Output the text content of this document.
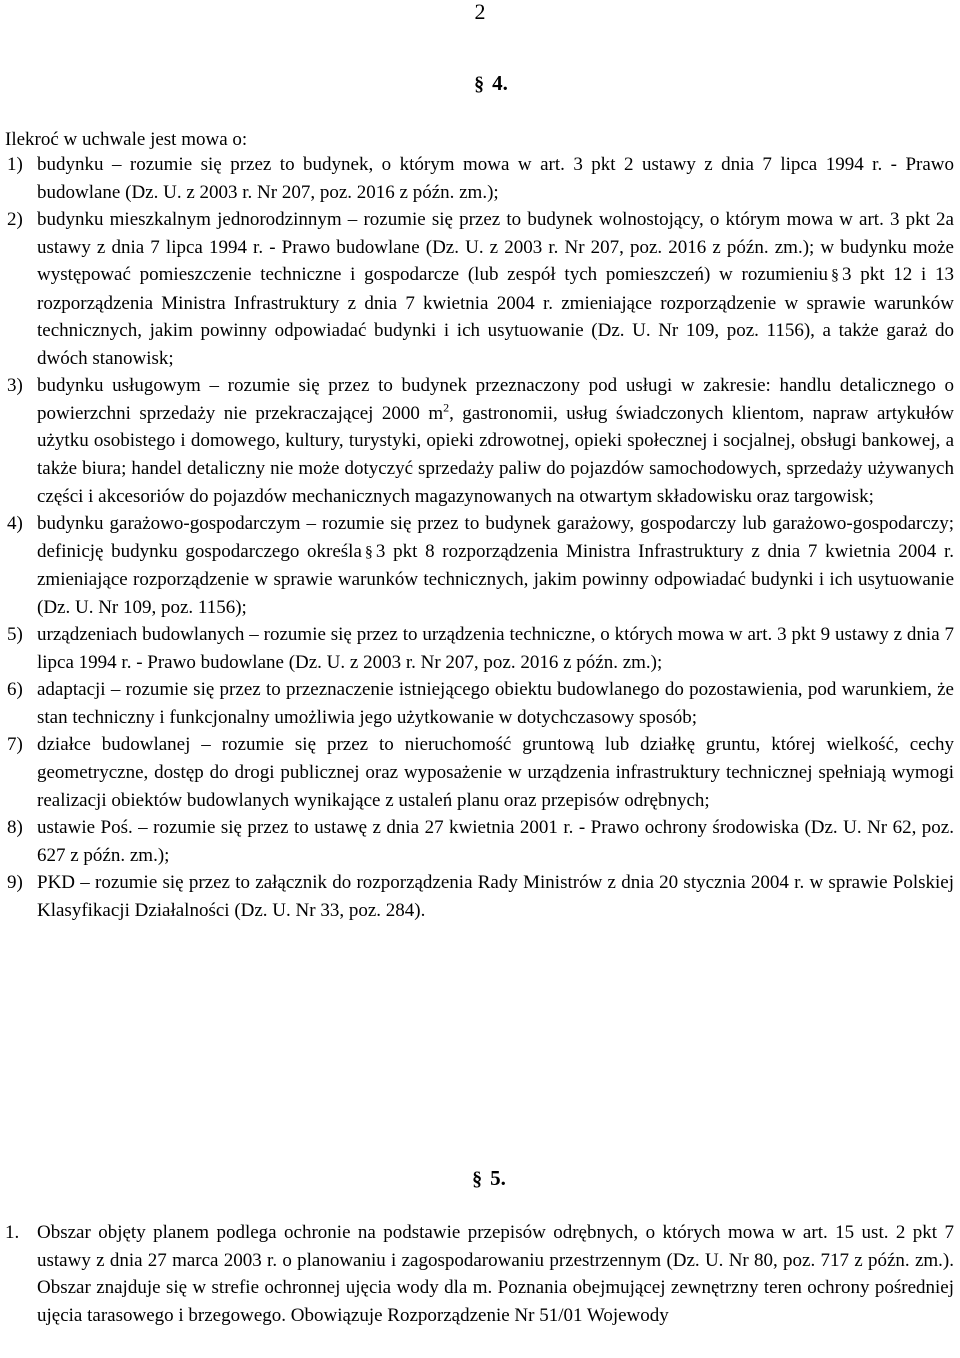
2
§ 4.
Ilekroć w uchwale jest mowa o:
1) budynku – rozumie się przez to budynek, o którym mowa w art. 3 pkt 2 ustawy z dnia 7 lipca 1994 r. - Prawo budowlane (Dz. U. z 2003 r. Nr 207, poz. 2016 z późn. zm.);
2) budynku mieszkalnym jednorodzinnym – rozumie się przez to budynek wolnostojący, o którym mowa w art. 3 pkt 2a ustawy z dnia 7 lipca 1994 r. - Prawo budowlane (Dz. U. z 2003 r. Nr 207, poz. 2016 z późn. zm.); w budynku może występować pomieszczenie techniczne i gospodarcze (lub zespół tych pomieszczeń) w rozumieniu § 3 pkt 12 i 13 rozporządzenia Ministra Infrastruktury z dnia 7 kwietnia 2004 r. zmieniające rozporządzenie w sprawie warunków technicznych, jakim powinny odpowiadać budynki i ich usytuowanie (Dz. U. Nr 109, poz. 1156), a także garaż do dwóch stanowisk;
3) budynku usługowym – rozumie się przez to budynek przeznaczony pod usługi w zakresie: handlu detalicznego o powierzchni sprzedaży nie przekraczającej 2000 $m^2$, gastronomii, usług świadczonych klientom, napraw artykułów użytku osobistego i domowego, kultury, turystyki, opieki zdrowotnej, opieki społecznej i socjalnej, obsługi bankowej, a także biura; handel detaliczny nie może dotyczyć sprzedaży paliw do pojazdów samochodowych, sprzedaży używanych części i akcesoriów do pojazdów mechanicznych magazynowanych na otwartym składowisku oraz targowisk;
4) budynku garażowo-gospodarczym – rozumie się przez to budynek garażowy, gospodarczy lub garażowo-gospodarczy; definicję budynku gospodarczego określa § 3 pkt 8 rozporządzenia Ministra Infrastruktury z dnia 7 kwietnia 2004 r. zmieniające rozporządzenie w sprawie warunków technicznych, jakim powinny odpowiadać budynki i ich usytuowanie (Dz. U. Nr 109, poz. 1156);
5) urządzeniach budowlanych – rozumie się przez to urządzenia techniczne, o których mowa w art. 3 pkt 9 ustawy z dnia 7 lipca 1994 r. - Prawo budowlane (Dz. U. z 2003 r. Nr 207, poz. 2016 z późn. zm.);
6) adaptacji – rozumie się przez to przeznaczenie istniejącego obiektu budowlanego do pozostawienia, pod warunkiem, że stan techniczny i funkcjonalny umożliwia jego użytkowanie w dotychczasowy sposób;
7) działce budowlanej – rozumie się przez to nieruchomość gruntową lub działkę gruntu, której wielkość, cechy geometryczne, dostęp do drogi publicznej oraz wyposażenie w urządzenia infrastruktury technicznej spełniają wymogi realizacji obiektów budowlanych wynikające z ustaleń planu oraz przepisów odrębnych;
8) ustawie Poś. – rozumie się przez to ustawę z dnia 27 kwietnia 2001 r. - Prawo ochrony środowiska (Dz. U. Nr 62, poz. 627 z późn. zm.);
9) PKD – rozumie się przez to załącznik do rozporządzenia Rady Ministrów z dnia 20 stycznia 2004 r. w sprawie Polskiej Klasyfikacji Działalności (Dz. U. Nr 33, poz. 284).
§ 5.
1. Obszar objęty planem podlega ochronie na podstawie przepisów odrębnych, o których mowa w art. 15 ust. 2 pkt 7 ustawy z dnia 27 marca 2003 r. o planowaniu i zagospodarowaniu przestrzennym (Dz. U. Nr 80, poz. 717 z późn. zm.). Obszar znajduje się w strefie ochronnej ujęcia wody dla m. Poznania obejmującej zewnętrzny teren ochrony pośredniej ujęcia tarasowego i brzegowego. Obowiązuje Rozporządzenie Nr 51/01 Wojewody
